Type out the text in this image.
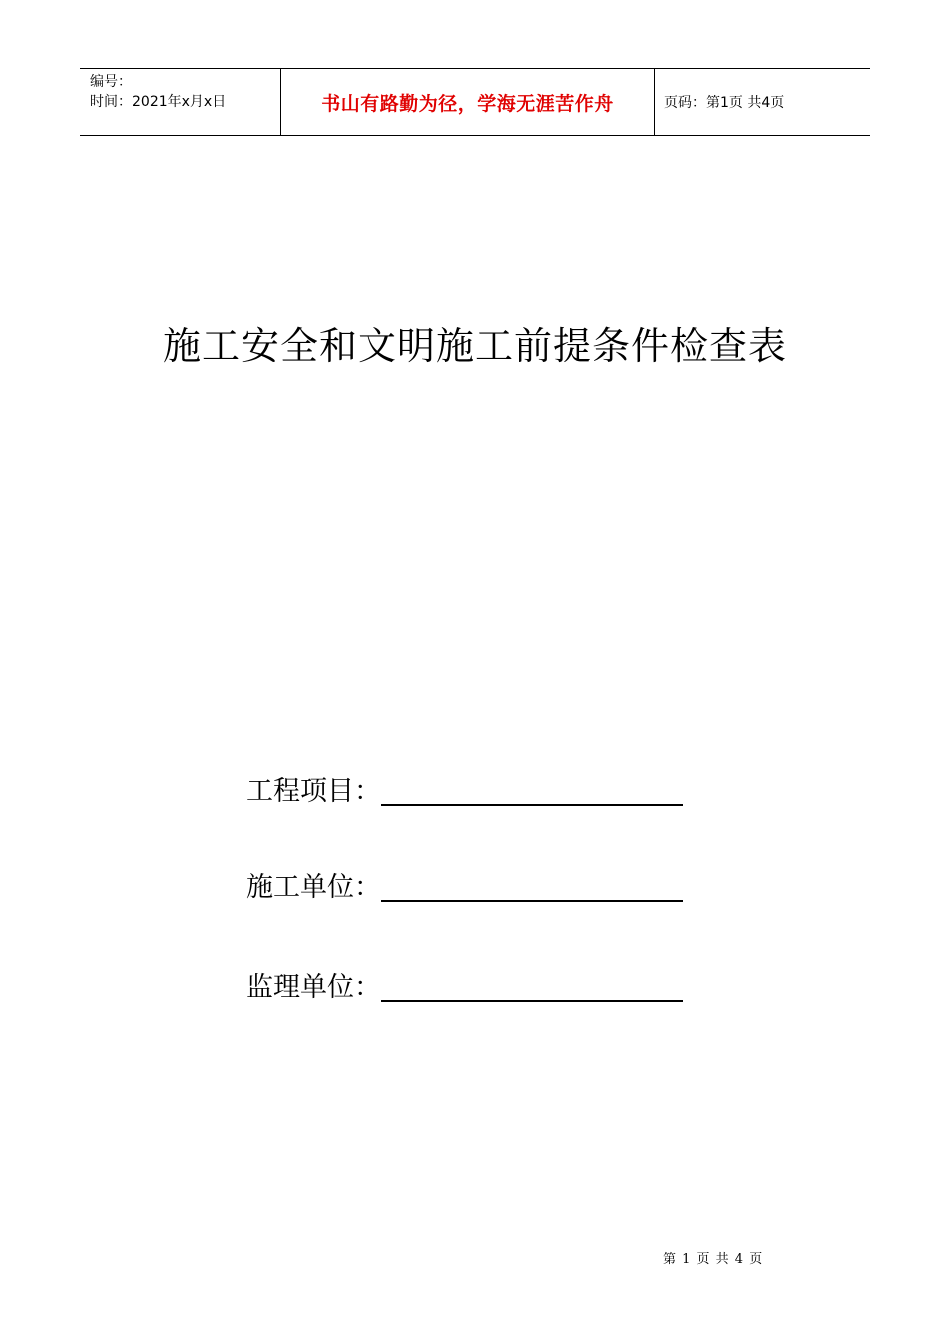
编号：
时间：2021年x月x日	书山有路勤为径，学海无涯苦作舟	页码：第1页 共4页
施工安全和文明施工前提条件检查表
工程项目：
施工单位：
监理单位：
第 1 页 共 4 页
